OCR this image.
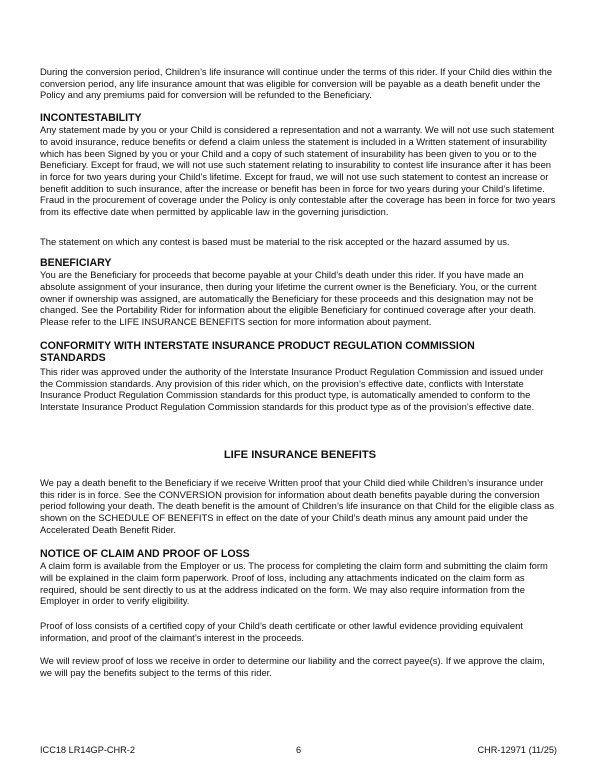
During the conversion period, Children’s life insurance will continue under the terms of this rider. If your Child dies within the conversion period, any life insurance amount that was eligible for conversion will be payable as a death benefit under the Policy and any premiums paid for conversion will be refunded to the Beneficiary.

INCONTESTABILITY

Any statement made by you or your Child is considered a representation and not a warranty. We will not use such statement to avoid insurance, reduce benefits or defend a claim unless the statement is included in a Written statement of insurability which has been Signed by you or your Child and a copy of such statement of insurability has been given to you or to the Beneficiary. Except for fraud, we will not use such statement relating to insurability to contest life insurance after it has been in force for two years during your Child’s lifetime. Except for fraud, we will not use such statement to contest an increase or benefit addition to such insurance, after the increase or benefit has been in force for two years during your Child’s lifetime. Fraud in the procurement of coverage under the Policy is only contestable after the coverage has been in force for two years from its effective date when permitted by applicable law in the governing jurisdiction.

The statement on which any contest is based must be material to the risk accepted or the hazard assumed by us.

BENEFICIARY

You are the Beneficiary for proceeds that become payable at your Child’s death under this rider. If you have made an absolute assignment of your insurance, then during your lifetime the current owner is the Beneficiary. You, or the current owner if ownership was assigned, are automatically the Beneficiary for these proceeds and this designation may not be changed. See the Portability Rider for information about the eligible Beneficiary for continued coverage after your death. Please refer to the LIFE INSURANCE BENEFITS section for more information about payment.

CONFORMITY WITH INTERSTATE INSURANCE PRODUCT REGULATION COMMISSION STANDARDS

This rider was approved under the authority of the Interstate Insurance Product Regulation Commission and issued under the Commission standards. Any provision of this rider which, on the provision’s effective date, conflicts with Interstate Insurance Product Regulation Commission standards for this product type, is automatically amended to conform to the Interstate Insurance Product Regulation Commission standards for this product type as of the provision’s effective date.

LIFE INSURANCE BENEFITS

We pay a death benefit to the Beneficiary if we receive Written proof that your Child died while Children’s insurance under this rider is in force. See the CONVERSION provision for information about death benefits payable during the conversion period following your death. The death benefit is the amount of Children’s life insurance on that Child for the eligible class as shown on the SCHEDULE OF BENEFITS in effect on the date of your Child’s death minus any amount paid under the Accelerated Death Benefit Rider.

NOTICE OF CLAIM AND PROOF OF LOSS

A claim form is available from the Employer or us. The process for completing the claim form and submitting the claim form will be explained in the claim form paperwork. Proof of loss, including any attachments indicated on the claim form as required, should be sent directly to us at the address indicated on the form. We may also require information from the Employer in order to verify eligibility.

Proof of loss consists of a certified copy of your Child’s death certificate or other lawful evidence providing equivalent information, and proof of the claimant’s interest in the proceeds.

We will review proof of loss we receive in order to determine our liability and the correct payee(s). If we approve the claim, we will pay the benefits subject to the terms of this rider.

ICC18 LR14GP-CHR-2	6	CHR-12971 (11/25)
